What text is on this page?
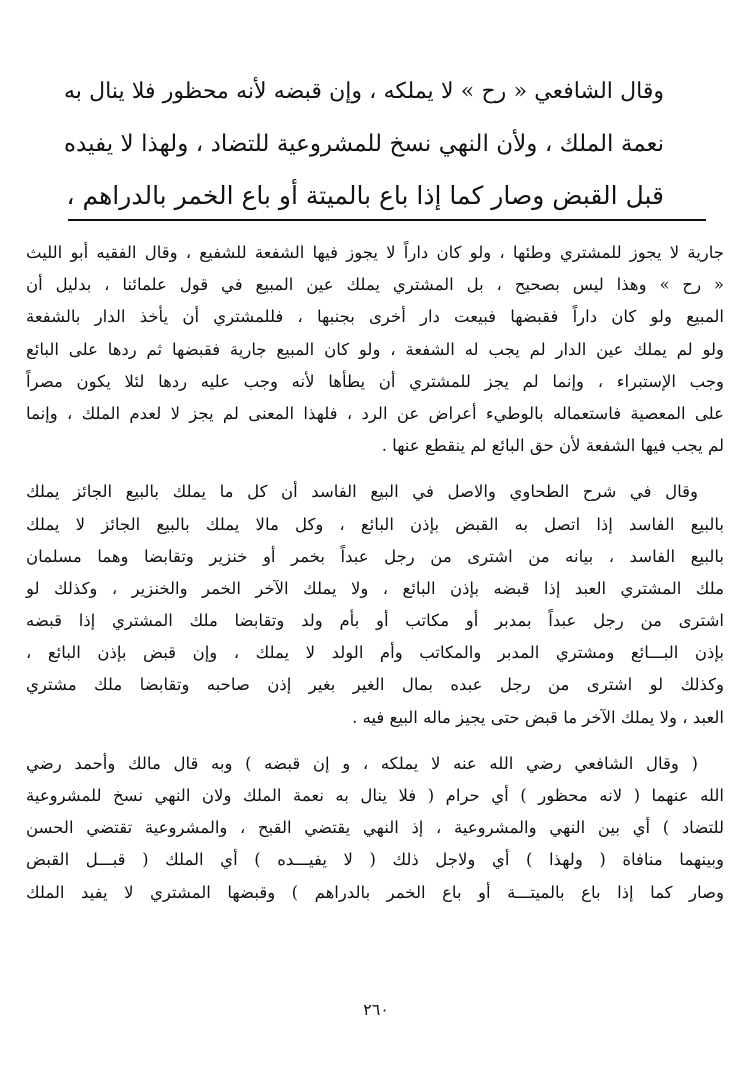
وقال الشافعي « رح » لا يملكه ، وإن قبضه لأنه محظور فلا ينال به
نعمة الملك ، ولأن النهي نسخ للمشروعية للتضاد ، ولهذا لا يفيده
قبل القبض وصار كما إذا باع بالميتة أو باع الخمر بالدراهم ،
جارية لا يجوز للمشتري وطئها ، ولو كان داراً لا يجوز فيها الشفعة للشفيع ، وقال الفقيه أبو الليث
« رح » وهذا ليس بصحيح ، بل المشتري يملك عين المبيع في قول علمائنا ، بدليل أن
المبيع ولو كان داراً فقبضها فبيعت دار أخرى بجنبها ، فللمشتري أن يأخذ الدار بالشفعة
ولو لم يملك عين الدار لم يجب له الشفعة ، ولو كان المبيع جارية فقبضها ثم ردها على البائع
وجب الإستبراء ، وإنما لم يجز للمشتري أن يطأها لأنه وجب عليه ردها لئلا يكون مصراً
على المعصية فاستعماله بالوطيء أعراض عن الرد ، فلهذا المعنى لم يجز لا لعدم الملك ، وإنما
لم يجب فيها الشفعة لأن حق البائع لم ينقطع عنها .
وقال في شرح الطحاوي والاصل في البيع الفاسد أن كل ما يملك بالبيع الجائز يملك
بالبيع الفاسد إذا اتصل به القبض بإذن البائع ، وكل مالا يملك بالبيع الجائز لا يملك
بالبيع الفاسد ، بيانه من اشترى من رجل عبداً بخمر أو خنزير وتقابضا وهما مسلمان
ملك المشتري العبد إذا قبضه بإذن البائع ، ولا يملك الآخر الخمر والخنزير ، وكذلك لو
اشترى من رجل عبداً بمدبر أو مكاتب أو بأم ولد وتقابضا ملك المشتري إذا قبضه
بإذن البـــائع ومشتري المدبر والمكاتب وأم الولد لا يملك ، وإن قبض بإذن البائع ،
وكذلك لو اشترى من رجل عبده بمال الغير بغير إذن صاحبه وتقابضا ملك مشتري
العبد ، ولا يملك الآخر ما قبض حتى يجيز ماله البيع فيه .
( وقال الشافعي رضي الله عنه لا يملكه ، و إن قبضه ) وبه قال مالك وأحمد رضي
الله عنهما ( لانه محظور ) أي حرام ( فلا ينال به نعمة الملك ولان النهي نسخ للمشروعية
للتضاد ) أي بين النهي والمشروعية ، إذ النهي يقتضي القبح ، والمشروعية تقتضي الحسن
وبينهما منافاة ( ولهذا ) أي ولاجل ذلك ( لا يفيـــده ) أي الملك ( قبـــل القبض
وصار كما إذا باع بالميتـــة أو باع الخمر بالدراهم ) وقبضها المشتري لا يفيد الملك
٢٦٠
